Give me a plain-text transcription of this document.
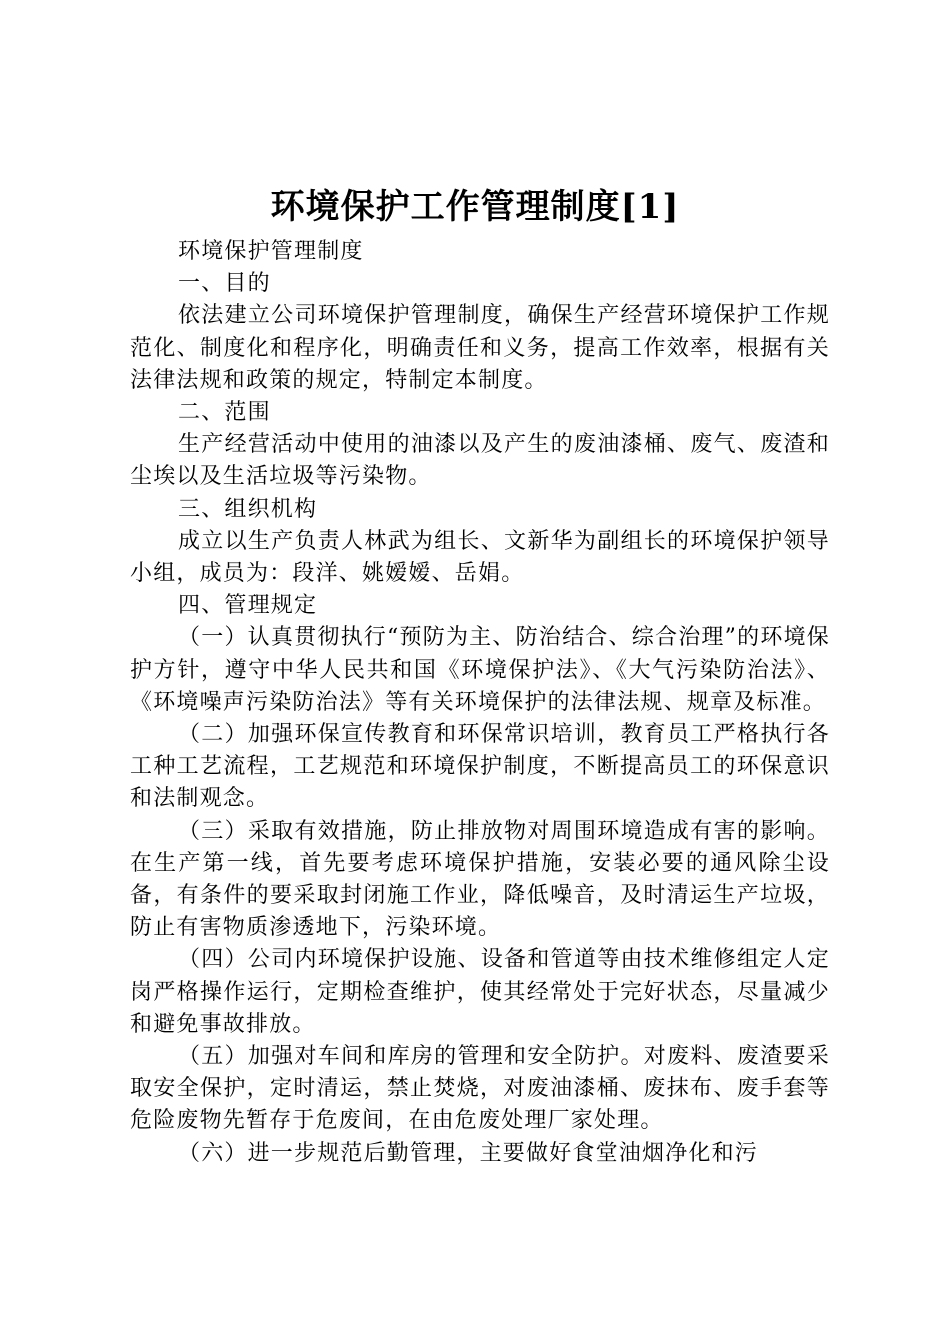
环境保护工作管理制度[1]

环境保护管理制度

一、目的

依法建立公司环境保护管理制度，确保生产经营环境保护工作规范化、制度化和程序化，明确责任和义务，提高工作效率，根据有关法律法规和政策的规定，特制定本制度。

二、范围

生产经营活动中使用的油漆以及产生的废油漆桶、废气、废渣和尘埃以及生活垃圾等污染物。

三、组织机构

成立以生产负责人林武为组长、文新华为副组长的环境保护领导小组，成员为：段洋、姚嫒嫒、岳娟。

四、管理规定

（一）认真贯彻执行“预防为主、防治结合、综合治理”的环境保护方针，遵守中华人民共和国《环境保护法》、《大气污染防治法》、《环境噪声污染防治法》等有关环境保护的法律法规、规章及标准。

（二）加强环保宣传教育和环保常识培训，教育员工严格执行各工种工艺流程，工艺规范和环境保护制度，不断提高员工的环保意识和法制观念。

（三）采取有效措施，防止排放物对周围环境造成有害的影响。在生产第一线，首先要考虑环境保护措施，安装必要的通风除尘设备，有条件的要采取封闭施工作业，降低噪音，及时清运生产垃圾，防止有害物质渗透地下，污染环境。

（四）公司内环境保护设施、设备和管道等由技术维修组定人定岗严格操作运行，定期检查维护，使其经常处于完好状态，尽量减少和避免事故排放。

（五）加强对车间和库房的管理和安全防护。对废料、废渣要采取安全保护，定时清运，禁止焚烧，对废油漆桶、废抹布、废手套等危险废物先暂存于危废间，在由危废处理厂家处理。

（六）进一步规范后勤管理，主要做好食堂油烟净化和污
